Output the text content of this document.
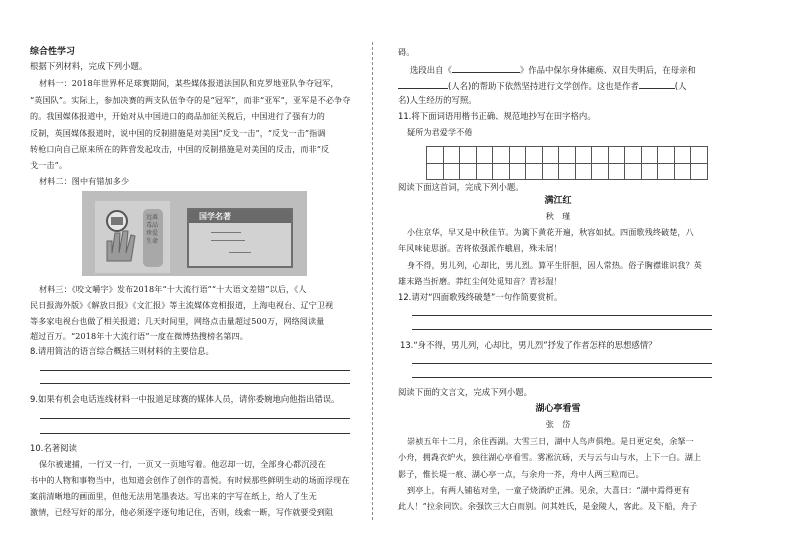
综合性学习
根据下列材料，完成下列小题。
材料一：2018年世界杯足球赛期间，某些媒体报道法国队和克罗地亚队争夺冠军，
“英国队”。实际上，参加决赛的两支队伍争夺的是“冠军”，而非“亚军”，亚军是不必争夺
的。我国媒体报道中，开始对从中国进口的商品加征关税后，中国进行了强有力的
反制，英国媒体报道时，说中国的反制措施是对美国“反戈一击”，“反戈一击”指调
转枪口向自己原来所在的阵营发起攻击，中国的反制措施是对美国的反击，而非“反
戈一击”。
材料二：图中有错加多少
远离毒品 珍爱生命
国学名著
材料三：《咬文嚼字》发布2018年“十大流行语”“十大语文差错”以后，《人
民日报海外版》《解放日报》《文汇报》等主流媒体竞相报道，上海电视台、辽宁卫视
等多家电视台也做了相关报道；几天时间里，网络点击量超过500万，网络阅读量
超过百万。“2018年十大流行语”一度在微博热搜榜名第四。
8.请用简洁的语言综合概括三则材料的主要信息。
9.如果有机会电话连线材料一中报道足球赛的媒体人员，请你委婉地向他指出错误。
10.名著阅读
保尔被逮捕，一行又一行，一页又一页地写着。他忍却一切，全部身心都沉浸在
书中的人物和事物当中，也知道会创作了创作的喜悦。有时候那些鲜明生动的场面浮现在
案前清晰地的画面里，但他无法用笔墨表达。写出来的字写在纸上，给人了生无
激情，已经写好的部分，他必须逐字逐句地记住，否则，线索一断，写作就要受到阻
碍。
选段出自《	》作品中保尔身体瘫痪、双目失明后，在母亲和
(人名)的帮助下依然坚持进行文学创作。这也是作者	(人
名)人生经历的写照。
11.将下面词语用楷书正确、规范地抄写在田字格内。
疑所为君爱学不倦

阅读下面这首词，完成下列小题。
满江红
秋　瑾
小住京华，早又是中秋佳节。为篱下黄花开遍，秋容如拭。四面歌残终破楚，八
年风味徒思浙。苦将侬强派作蛾眉，殊未屑！
身不得，男儿列，心却比，男儿烈。算平生肝胆，因人常热。俗子胸襟谁识我？英
雄末路当折磨。莽红尘何处觅知音？青衫湿！
12.请对“四面歌残终破楚”一句作简要赏析。
13.“身不得，男儿列，心却比，男儿烈”抒发了作者怎样的思想感情？
阅读下面的文言文，完成下列小题。
湖心亭看雪
张　岱
崇祯五年十二月，余住西湖。大雪三日，湖中人鸟声俱绝。是日更定矣，余拏一
小舟，拥毳衣炉火，独往湖心亭看雪。雾凇沆砀，天与云与山与水，上下一白。湖上
影子，惟长堤一痕、湖心亭一点，与余舟一芥，舟中人两三粒而已。
到亭上，有两人铺毡对坐，一童子烧酒炉正沸。见余，大喜曰：“湖中焉得更有
此人！”拉余同饮。余强饮三大白而别。问其姓氏，是金陵人，客此。及下船，舟子
